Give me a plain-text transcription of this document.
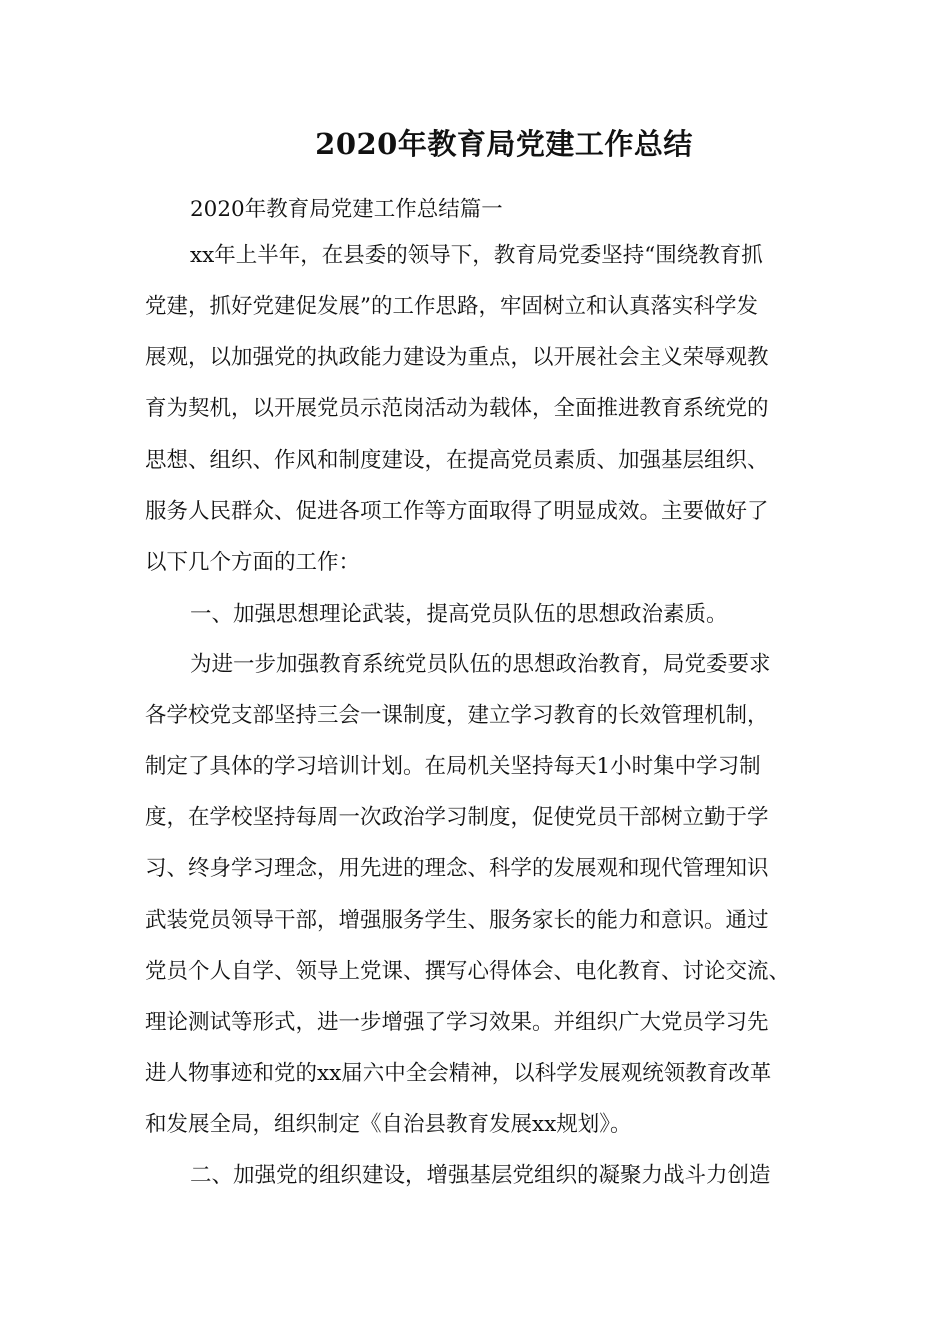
2020年教育局党建工作总结
2020年教育局党建工作总结篇一
xx年上半年，在县委的领导下，教育局党委坚持“围绕教育抓
党建，抓好党建促发展”的工作思路，牢固树立和认真落实科学发
展观，以加强党的执政能力建设为重点，以开展社会主义荣辱观教
育为契机，以开展党员示范岗活动为载体，全面推进教育系统党的
思想、组织、作风和制度建设，在提高党员素质、加强基层组织、
服务人民群众、促进各项工作等方面取得了明显成效。主要做好了
以下几个方面的工作：
一、加强思想理论武装，提高党员队伍的思想政治素质。
为进一步加强教育系统党员队伍的思想政治教育，局党委要求
各学校党支部坚持三会一课制度，建立学习教育的长效管理机制，
制定了具体的学习培训计划。在局机关坚持每天1小时集中学习制
度，在学校坚持每周一次政治学习制度，促使党员干部树立勤于学
习、终身学习理念，用先进的理念、科学的发展观和现代管理知识
武装党员领导干部，增强服务学生、服务家长的能力和意识。通过
党员个人自学、领导上党课、撰写心得体会、电化教育、讨论交流、
理论测试等形式，进一步增强了学习效果。并组织广大党员学习先
进人物事迹和党的xx届六中全会精神，以科学发展观统领教育改革
和发展全局，组织制定《自治县教育发展xx规划》。
二、加强党的组织建设，增强基层党组织的凝聚力战斗力创造
